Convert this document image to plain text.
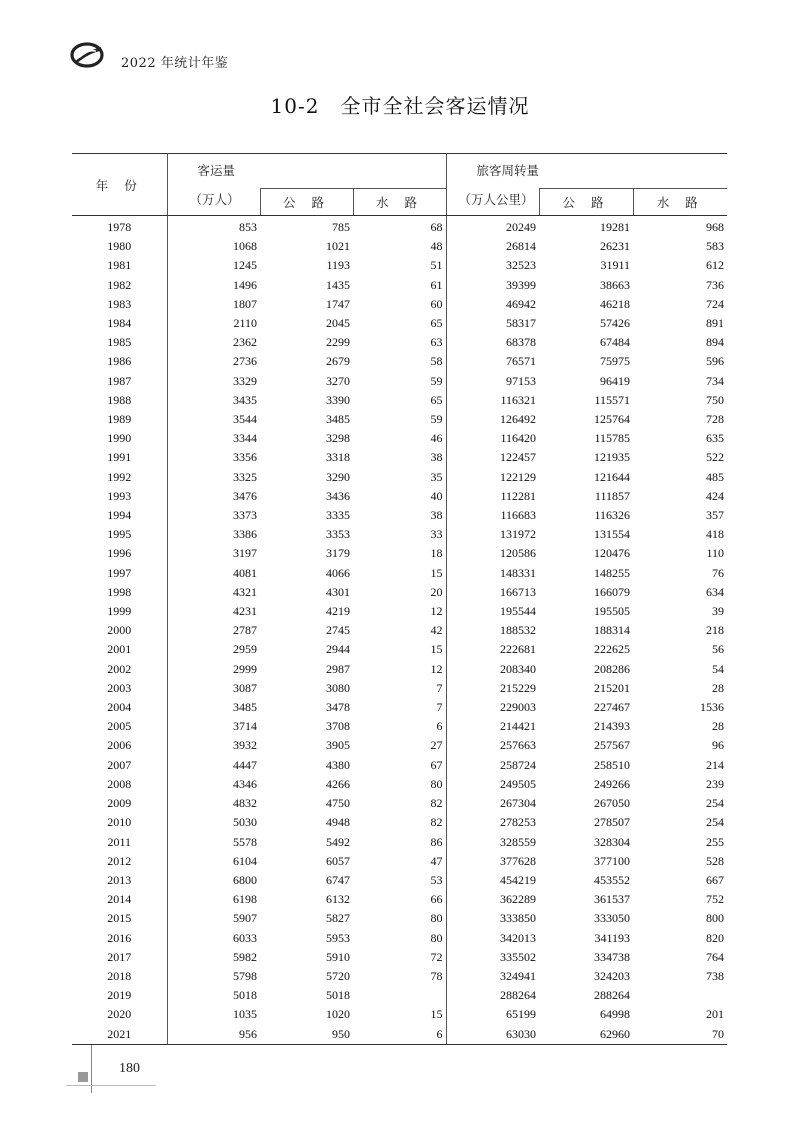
2022 年统计年鉴
10-2　全市全社会客运情况
年 份	客运量			旅客周转量		

	（万人）	公 路	水 路	（万人公里）	公 路	水 路
1978	853	785	68	20249	19281	968
1980	1068	1021	48	26814	26231	583
1981	1245	1193	51	32523	31911	612
1982	1496	1435	61	39399	38663	736
1983	1807	1747	60	46942	46218	724
1984	2110	2045	65	58317	57426	891
1985	2362	2299	63	68378	67484	894
1986	2736	2679	58	76571	75975	596
1987	3329	3270	59	97153	96419	734
1988	3435	3390	65	116321	115571	750
1989	3544	3485	59	126492	125764	728
1990	3344	3298	46	116420	115785	635
1991	3356	3318	38	122457	121935	522
1992	3325	3290	35	122129	121644	485
1993	3476	3436	40	112281	111857	424
1994	3373	3335	38	116683	116326	357
1995	3386	3353	33	131972	131554	418
1996	3197	3179	18	120586	120476	110
1997	4081	4066	15	148331	148255	76
1998	4321	4301	20	166713	166079	634
1999	4231	4219	12	195544	195505	39
2000	2787	2745	42	188532	188314	218
2001	2959	2944	15	222681	222625	56
2002	2999	2987	12	208340	208286	54
2003	3087	3080	7	215229	215201	28
2004	3485	3478	7	229003	227467	1536
2005	3714	3708	6	214421	214393	28
2006	3932	3905	27	257663	257567	96
2007	4447	4380	67	258724	258510	214
2008	4346	4266	80	249505	249266	239
2009	4832	4750	82	267304	267050	254
2010	5030	4948	82	278253	278507	254
2011	5578	5492	86	328559	328304	255
2012	6104	6057	47	377628	377100	528
2013	6800	6747	53	454219	453552	667
2014	6198	6132	66	362289	361537	752
2015	5907	5827	80	333850	333050	800
2016	6033	5953	80	342013	341193	820
2017	5982	5910	72	335502	334738	764
2018	5798	5720	78	324941	324203	738
2019	5018	5018		288264	288264	
2020	1035	1020	15	65199	64998	201
2021	956	950	6	63030	62960	70
180
